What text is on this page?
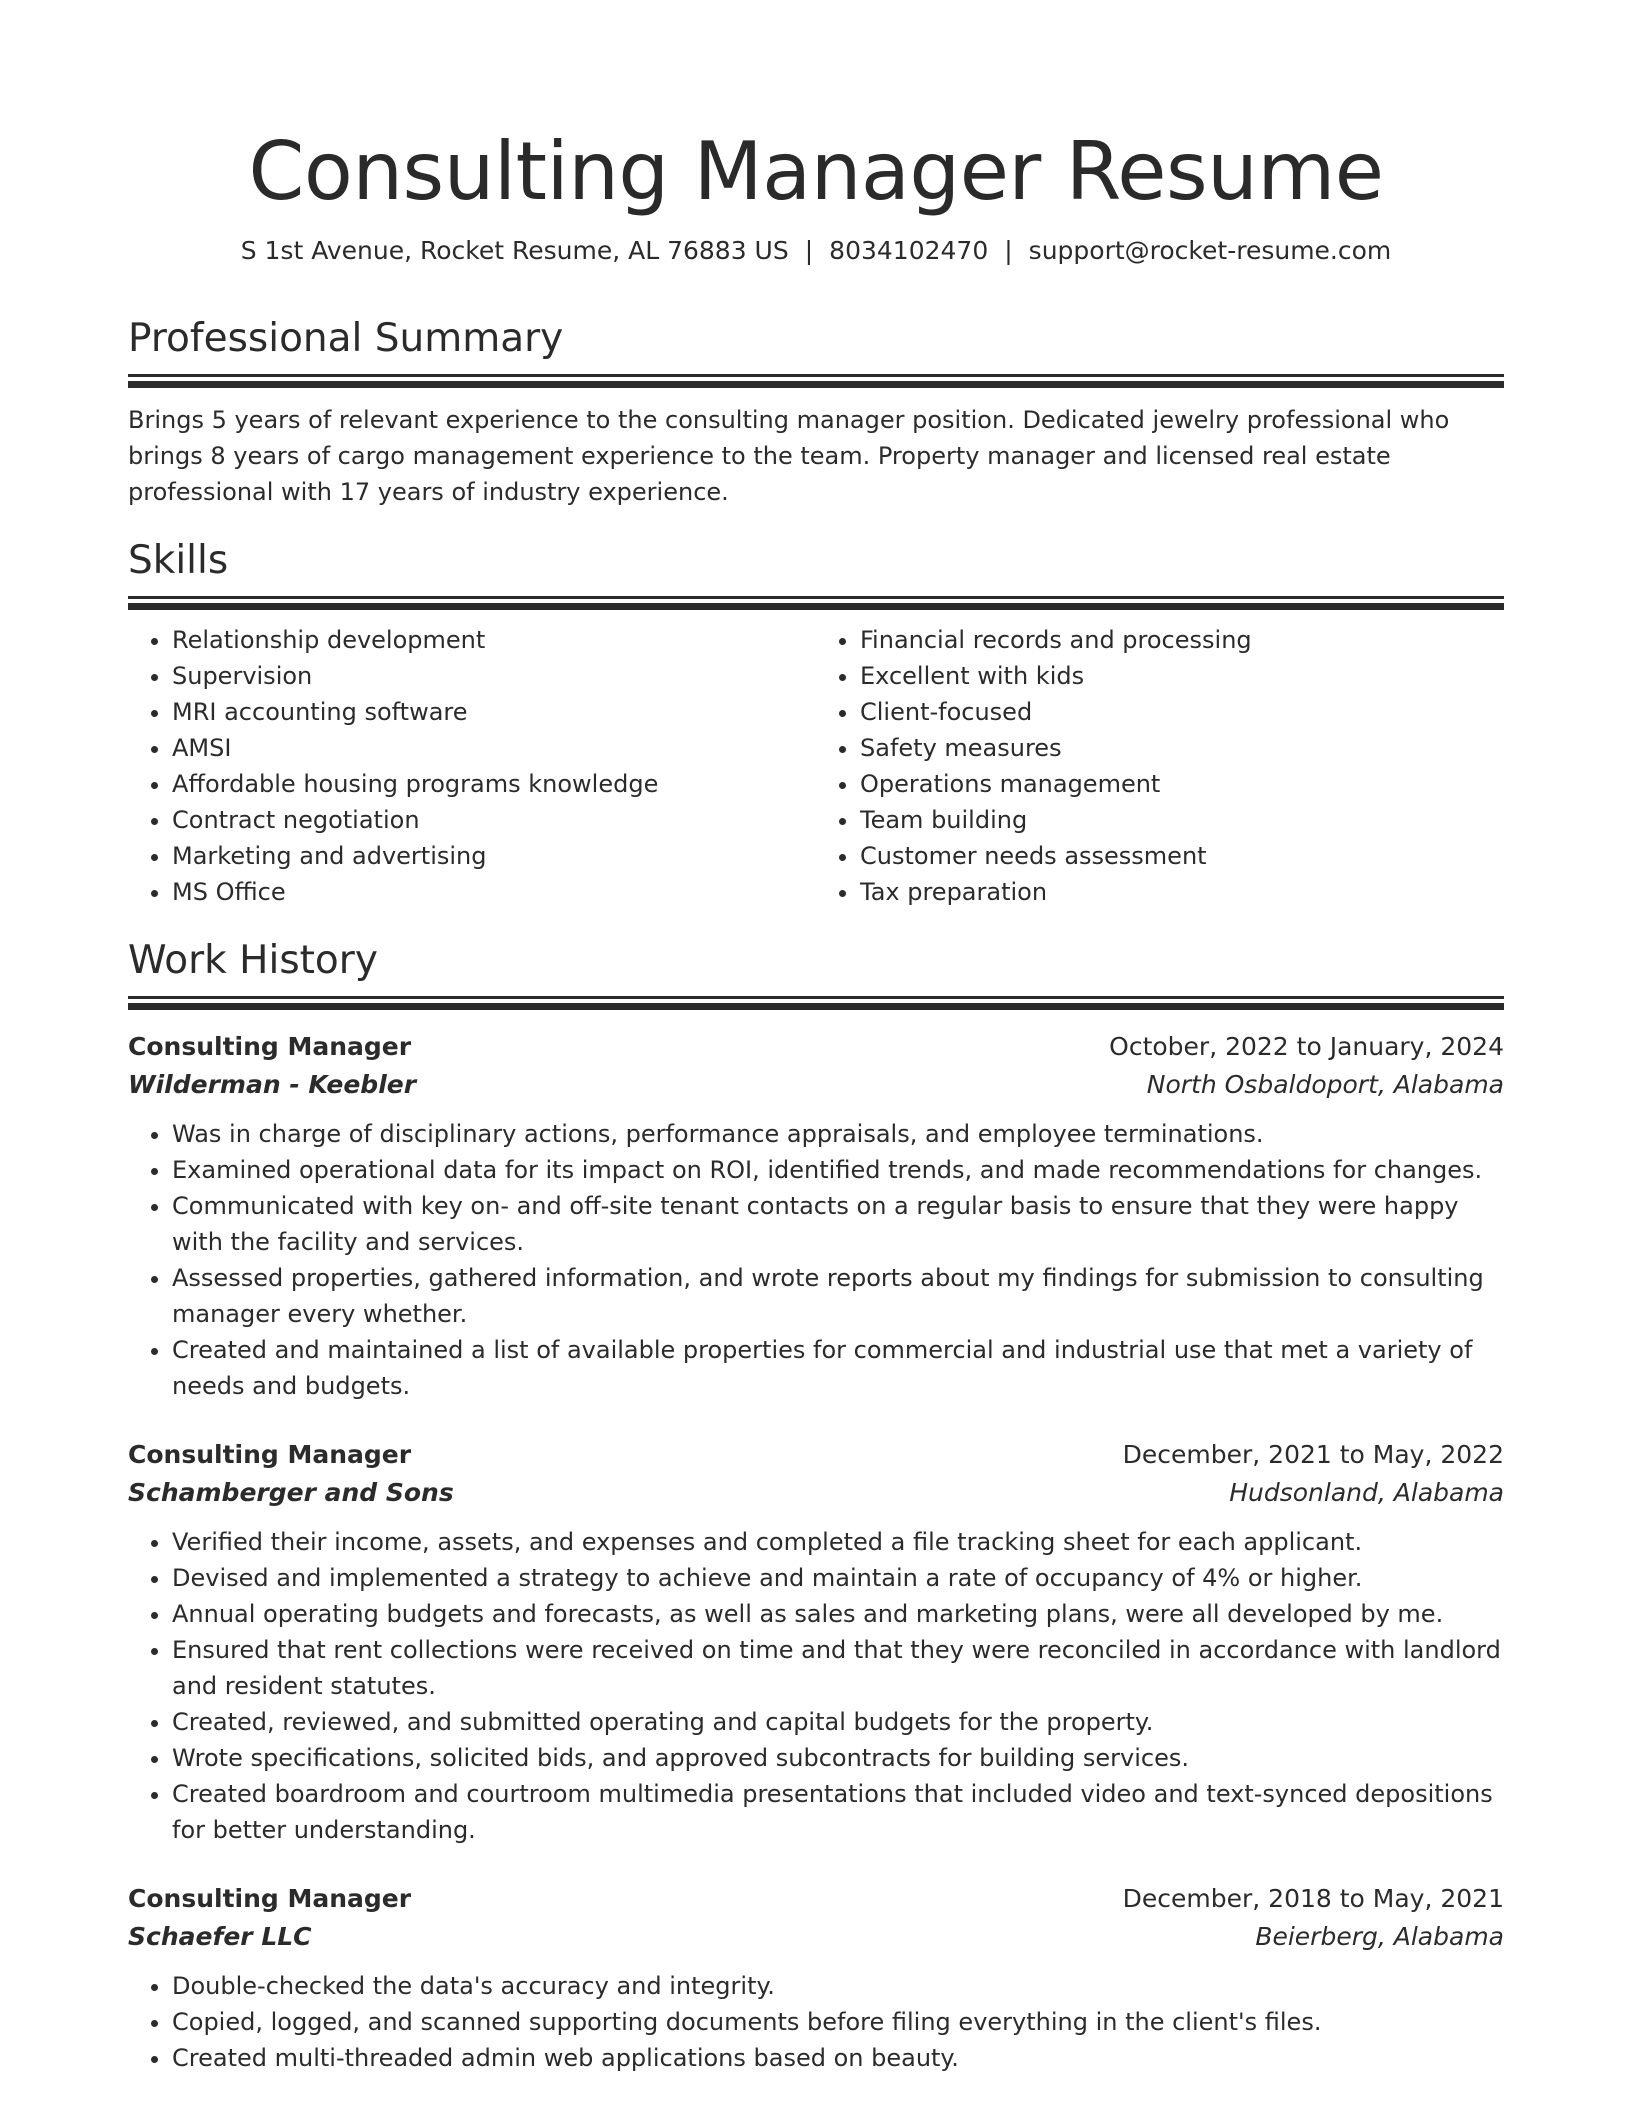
Consulting Manager Resume
S 1st Avenue, Rocket Resume, AL 76883 US | 8034102470 | support@rocket-resume.com
Professional Summary

Brings 5 years of relevant experience to the consulting manager position. Dedicated jewelry professional who brings 8 years of cargo management experience to the team. Property manager and licensed real estate professional with 17 years of industry experience.

Skills
• Relationship development
• Supervision
• MRI accounting software
• AMSI
• Affordable housing programs knowledge
• Contract negotiation
• Marketing and advertising
• MS Office
• Financial records and processing
• Excellent with kids
• Client-focused
• Safety measures
• Operations management
• Team building
• Customer needs assessment
• Tax preparation
Work History
Consulting Manager	October, 2022 to January, 2024
Wilderman - Keebler	North Osbaldoport, Alabama
• Was in charge of disciplinary actions, performance appraisals, and employee terminations.
• Examined operational data for its impact on ROI, identified trends, and made recommendations for changes.
• Communicated with key on- and off-site tenant contacts on a regular basis to ensure that they were happy with the facility and services.
• Assessed properties, gathered information, and wrote reports about my findings for submission to consulting manager every whether.
• Created and maintained a list of available properties for commercial and industrial use that met a variety of needs and budgets.
Consulting Manager	December, 2021 to May, 2022
Schamberger and Sons	Hudsonland, Alabama
• Verified their income, assets, and expenses and completed a file tracking sheet for each applicant.
• Devised and implemented a strategy to achieve and maintain a rate of occupancy of 4% or higher.
• Annual operating budgets and forecasts, as well as sales and marketing plans, were all developed by me.
• Ensured that rent collections were received on time and that they were reconciled in accordance with landlord and resident statutes.
• Created, reviewed, and submitted operating and capital budgets for the property.
• Wrote specifications, solicited bids, and approved subcontracts for building services.
• Created boardroom and courtroom multimedia presentations that included video and text-synced depositions for better understanding.
Consulting Manager	December, 2018 to May, 2021
Schaefer LLC	Beierberg, Alabama
• Double-checked the data's accuracy and integrity.
• Copied, logged, and scanned supporting documents before filing everything in the client's files.
• Created multi-threaded admin web applications based on beauty.
